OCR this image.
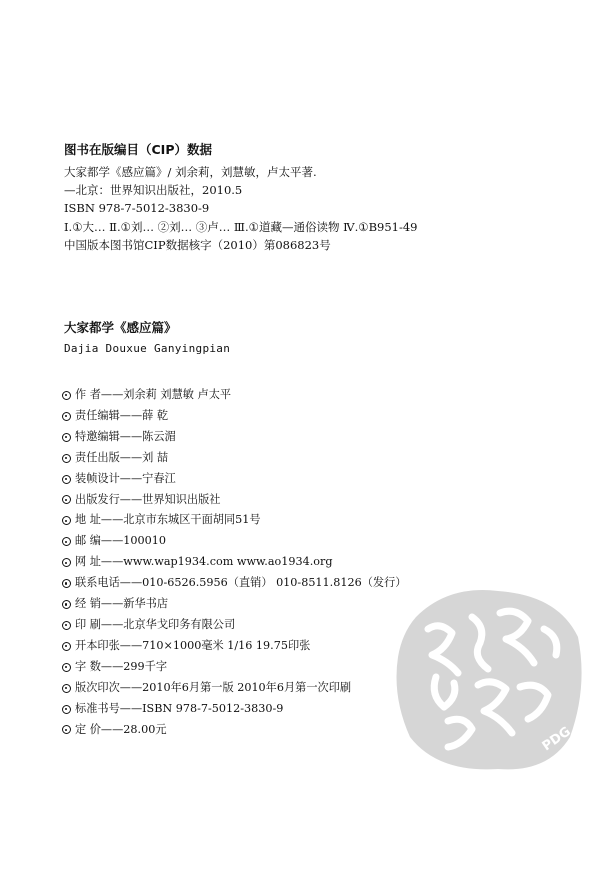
图书在版编目（CIP）数据
大家都学《感应篇》/ 刘余莉，刘慧敏，卢太平著.
—北京：世界知识出版社，2010.5
ISBN 978-7-5012-3830-9
Ⅰ.①大… Ⅱ.①刘… ②刘… ③卢… Ⅲ.①道藏—通俗读物 Ⅳ.①B951-49
中国版本图书馆CIP数据核字（2010）第086823号
大家都学《感应篇》
Dajia Douxue Ganyingpian
作 者——刘余莉 刘慧敏 卢太平
责任编辑——薛 乾
特邀编辑——陈云湄
责任出版——刘 喆
装帧设计——宁春江
出版发行——世界知识出版社
地 址——北京市东城区干面胡同51号
邮 编——100010
网 址——www.wap1934.com www.ao1934.org
联系电话——010-6526.5956（直销） 010-8511.8126（发行）
经 销——新华书店
印 刷——北京华戈印务有限公司
开本印张——710×1000毫米 1/16 19.75印张
字 数——299千字
版次印次——2010年6月第一版 2010年6月第一次印刷
标准书号——ISBN 978-7-5012-3830-9
定 价——28.00元	PDG
